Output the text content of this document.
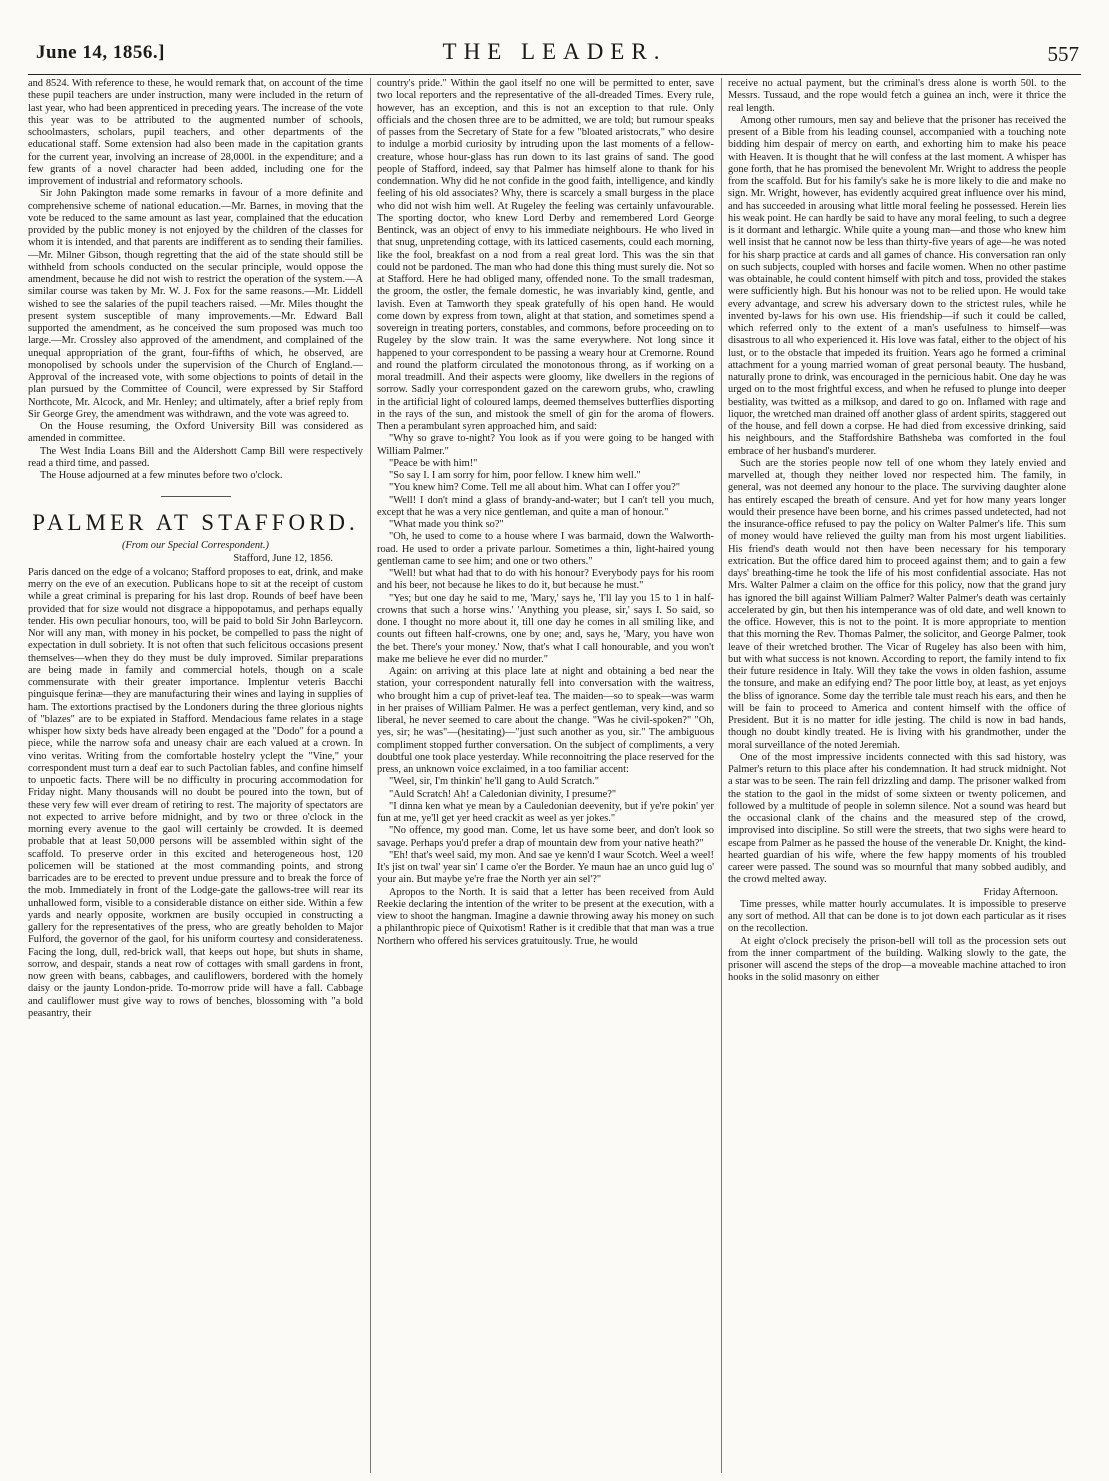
June 14, 1856.]	THE LEADER.	557

and 8524. With reference to these, he would remark that, on account of the time these pupil teachers are under instruction, many were included in the return of last year, who had been apprenticed in preceding years. The increase of the vote this year was to be attributed to the augmented number of schools, schoolmasters, scholars, pupil teachers, and other departments of the educational staff. Some extension had also been made in the capitation grants for the current year, involving an increase of 28,000l. in the expenditure; and a few grants of a novel character had been added, including one for the improvement of industrial and reformatory schools.

Sir John Pakington made some remarks in favour of a more definite and comprehensive scheme of national education.—Mr. Barnes, in moving that the vote be reduced to the same amount as last year, complained that the education provided by the public money is not enjoyed by the children of the classes for whom it is intended, and that parents are indifferent as to sending their families.—Mr. Milner Gibson, though regretting that the aid of the state should still be withheld from schools conducted on the secular principle, would oppose the amendment, because he did not wish to restrict the operation of the system.—A similar course was taken by Mr. W. J. Fox for the same reasons.—Mr. Liddell wished to see the salaries of the pupil teachers raised. —Mr. Miles thought the present system susceptible of many improvements.—Mr. Edward Ball supported the amendment, as he conceived the sum proposed was much too large.—Mr. Crossley also approved of the amendment, and complained of the unequal appropriation of the grant, four-fifths of which, he observed, are monopolised by schools under the supervision of the Church of England.—Approval of the increased vote, with some objections to points of detail in the plan pursued by the Committee of Council, were expressed by Sir Stafford Northcote, Mr. Alcock, and Mr. Henley; and ultimately, after a brief reply from Sir George Grey, the amendment was withdrawn, and the vote was agreed to.

On the House resuming, the Oxford University Bill was considered as amended in committee.

The West India Loans Bill and the Aldershott Camp Bill were respectively read a third time, and passed.

The House adjourned at a few minutes before two o'clock.

PALMER AT STAFFORD.
(From our Special Correspondent.)
Stafford, June 12, 1856.

Paris danced on the edge of a volcano; Stafford proposes to eat, drink, and make merry on the eve of an execution. Publicans hope to sit at the receipt of custom while a great criminal is preparing for his last drop. Rounds of beef have been provided that for size would not disgrace a hippopotamus, and perhaps equally tender. His own peculiar honours, too, will be paid to bold Sir John Barleycorn. Nor will any man, with money in his pocket, be compelled to pass the night of expectation in dull sobriety. It is not often that such felicitous occasions present themselves—when they do they must be duly improved. Similar preparations are being made in family and commercial hotels, though on a scale commensurate with their greater importance. Implentur veteris Bacchi pinguisque ferinæ—they are manufacturing their wines and laying in supplies of ham. The extortions practised by the Londoners during the three glorious nights of "blazes" are to be expiated in Stafford. Mendacious fame relates in a stage whisper how sixty beds have already been engaged at the "Dodo" for a pound a piece, while the narrow sofa and uneasy chair are each valued at a crown. In vino veritas. Writing from the comfortable hostelry yclept the "Vine," your correspondent must turn a deaf ear to such Pactolian fables, and confine himself to unpoetic facts. There will be no difficulty in procuring accommodation for Friday night. Many thousands will no doubt be poured into the town, but of these very few will ever dream of retiring to rest. The majority of spectators are not expected to arrive before midnight, and by two or three o'clock in the morning every avenue to the gaol will certainly be crowded. It is deemed probable that at least 50,000 persons will be assembled within sight of the scaffold. To preserve order in this excited and heterogeneous host, 120 policemen will be stationed at the most commanding points, and strong barricades are to be erected to prevent undue pressure and to break the force of the mob. Immediately in front of the Lodge-gate the gallows-tree will rear its unhallowed form, visible to a considerable distance on either side. Within a few yards and nearly opposite, workmen are busily occupied in constructing a gallery for the representatives of the press, who are greatly beholden to Major Fulford, the governor of the gaol, for his uniform courtesy and considerateness. Facing the long, dull, red-brick wall, that keeps out hope, but shuts in shame, sorrow, and despair, stands a neat row of cottages with small gardens in front, now green with beans, cabbages, and cauliflowers, bordered with the homely daisy or the jaunty London-pride. To-morrow pride will have a fall. Cabbage and cauliflower must give way to rows of benches, blossoming with "a bold peasantry, their

country's pride." Within the gaol itself no one will be permitted to enter, save two local reporters and the representative of the all-dreaded Times. Every rule, however, has an exception, and this is not an exception to that rule. Only officials and the chosen three are to be admitted, we are told; but rumour speaks of passes from the Secretary of State for a few "bloated aristocrats," who desire to indulge a morbid curiosity by intruding upon the last moments of a fellow-creature, whose hour-glass has run down to its last grains of sand. The good people of Stafford, indeed, say that Palmer has himself alone to thank for his condemnation. Why did he not confide in the good faith, intelligence, and kindly feeling of his old associates? Why, there is scarcely a small burgess in the place who did not wish him well. At Rugeley the feeling was certainly unfavourable. The sporting doctor, who knew Lord Derby and remembered Lord George Bentinck, was an object of envy to his immediate neighbours. He who lived in that snug, unpretending cottage, with its latticed casements, could each morning, like the fool, breakfast on a nod from a real great lord. This was the sin that could not be pardoned. The man who had done this thing must surely die. Not so at Stafford. Here he had obliged many, offended none. To the small tradesman, the groom, the ostler, the female domestic, he was invariably kind, gentle, and lavish. Even at Tamworth they speak gratefully of his open hand. He would come down by express from town, alight at that station, and sometimes spend a sovereign in treating porters, constables, and commons, before proceeding on to Rugeley by the slow train. It was the same everywhere. Not long since it happened to your correspondent to be passing a weary hour at Cremorne. Round and round the platform circulated the monotonous throng, as if working on a moral treadmill. And their aspects were gloomy, like dwellers in the regions of sorrow. Sadly your correspondent gazed on the careworn grubs, who, crawling in the artificial light of coloured lamps, deemed themselves butterflies disporting in the rays of the sun, and mistook the smell of gin for the aroma of flowers. Then a perambulant syren approached him, and said:

"Why so grave to-night? You look as if you were going to be hanged with William Palmer."

"Peace be with him!"

"So say I. I am sorry for him, poor fellow. I knew him well."

"You knew him? Come. Tell me all about him. What can I offer you?"

"Well! I don't mind a glass of brandy-and-water; but I can't tell you much, except that he was a very nice gentleman, and quite a man of honour."

"What made you think so?"

"Oh, he used to come to a house where I was barmaid, down the Walworth-road. He used to order a private parlour. Sometimes a thin, light-haired young gentleman came to see him; and one or two others."

"Well! but what had that to do with his honour? Everybody pays for his room and his beer, not because he likes to do it, but because he must."

"Yes; but one day he said to me, 'Mary,' says he, 'I'll lay you 15 to 1 in half-crowns that such a horse wins.' 'Anything you please, sir,' says I. So said, so done. I thought no more about it, till one day he comes in all smiling like, and counts out fifteen half-crowns, one by one; and, says he, 'Mary, you have won the bet. There's your money.' Now, that's what I call honourable, and you won't make me believe he ever did no murder."

Again: on arriving at this place late at night and obtaining a bed near the station, your correspondent naturally fell into conversation with the waitress, who brought him a cup of privet-leaf tea. The maiden—so to speak—was warm in her praises of William Palmer. He was a perfect gentleman, very kind, and so liberal, he never seemed to care about the change. "Was he civil-spoken?" "Oh, yes, sir; he was"—(hesitating)—"just such another as you, sir." The ambiguous compliment stopped further conversation. On the subject of compliments, a very doubtful one took place yesterday. While reconnoitring the place reserved for the press, an unknown voice exclaimed, in a too familiar accent:

"Weel, sir, I'm thinkin' he'll gang to Auld Scratch."

"Auld Scratch! Ah! a Caledonian divinity, I presume?"

"I dinna ken what ye mean by a Cauledonian deevenity, but if ye're pokin' yer fun at me, ye'll get yer heed crackit as weel as yer jokes."

"No offence, my good man. Come, let us have some beer, and don't look so savage. Perhaps you'd prefer a drap of mountain dew from your native heath?"

"Eh! that's weel said, my mon. And sae ye kenn'd I waur Scotch. Weel a weel! It's jist on twal' year sin' I came o'er the Border. Ye maun hae an unco guid lug o' your ain. But maybe ye're frae the North yer ain sel'?"

Apropos to the North. It is said that a letter has been received from Auld Reekie declaring the intention of the writer to be present at the execution, with a view to shoot the hangman. Imagine a dawnie throwing away his money on such a philanthropic piece of Quixotism! Rather is it credible that that man was a true Northern who offered his services gratuitously. True, he would

receive no actual payment, but the criminal's dress alone is worth 50l. to the Messrs. Tussaud, and the rope would fetch a guinea an inch, were it thrice the real length.

Among other rumours, men say and believe that the prisoner has received the present of a Bible from his leading counsel, accompanied with a touching note bidding him despair of mercy on earth, and exhorting him to make his peace with Heaven. It is thought that he will confess at the last moment. A whisper has gone forth, that he has promised the benevolent Mr. Wright to address the people from the scaffold. But for his family's sake he is more likely to die and make no sign. Mr. Wright, however, has evidently acquired great influence over his mind, and has succeeded in arousing what little moral feeling he possessed. Herein lies his weak point. He can hardly be said to have any moral feeling, to such a degree is it dormant and lethargic. While quite a young man—and those who knew him well insist that he cannot now be less than thirty-five years of age—he was noted for his sharp practice at cards and all games of chance. His conversation ran only on such subjects, coupled with horses and facile women. When no other pastime was obtainable, he could content himself with pitch and toss, provided the stakes were sufficiently high. But his honour was not to be relied upon. He would take every advantage, and screw his adversary down to the strictest rules, while he invented by-laws for his own use. His friendship—if such it could be called, which referred only to the extent of a man's usefulness to himself—was disastrous to all who experienced it. His love was fatal, either to the object of his lust, or to the obstacle that impeded its fruition. Years ago he formed a criminal attachment for a young married woman of great personal beauty. The husband, naturally prone to drink, was encouraged in the pernicious habit. One day he was urged on to the most frightful excess, and when he refused to plunge into deeper bestiality, was twitted as a milksop, and dared to go on. Inflamed with rage and liquor, the wretched man drained off another glass of ardent spirits, staggered out of the house, and fell down a corpse. He had died from excessive drinking, said his neighbours, and the Staffordshire Bathsheba was comforted in the foul embrace of her husband's murderer.

Such are the stories people now tell of one whom they lately envied and marvelled at, though they neither loved nor respected him. The family, in general, was not deemed any honour to the place. The surviving daughter alone has entirely escaped the breath of censure. And yet for how many years longer would their presence have been borne, and his crimes passed undetected, had not the insurance-office refused to pay the policy on Walter Palmer's life. This sum of money would have relieved the guilty man from his most urgent liabilities. His friend's death would not then have been necessary for his temporary extrication. But the office dared him to proceed against them; and to gain a few days' breathing-time he took the life of his most confidential associate. Has not Mrs. Walter Palmer a claim on the office for this policy, now that the grand jury has ignored the bill against William Palmer? Walter Palmer's death was certainly accelerated by gin, but then his intemperance was of old date, and well known to the office. However, this is not to the point. It is more appropriate to mention that this morning the Rev. Thomas Palmer, the solicitor, and George Palmer, took leave of their wretched brother. The Vicar of Rugeley has also been with him, but with what success is not known. According to report, the family intend to fix their future residence in Italy. Will they take the vows in olden fashion, assume the tonsure, and make an edifying end? The poor little boy, at least, as yet enjoys the bliss of ignorance. Some day the terrible tale must reach his ears, and then he will be fain to proceed to America and content himself with the office of President. But it is no matter for idle jesting. The child is now in bad hands, though no doubt kindly treated. He is living with his grandmother, under the moral surveillance of the noted Jeremiah.

One of the most impressive incidents connected with this sad history, was Palmer's return to this place after his condemnation. It had struck midnight. Not a star was to be seen. The rain fell drizzling and damp. The prisoner walked from the station to the gaol in the midst of some sixteen or twenty policemen, and followed by a multitude of people in solemn silence. Not a sound was heard but the occasional clank of the chains and the measured step of the crowd, improvised into discipline. So still were the streets, that two sighs were heard to escape from Palmer as he passed the house of the venerable Dr. Knight, the kind-hearted guardian of his wife, where the few happy moments of his troubled career were passed. The sound was so mournful that many sobbed audibly, and the crowd melted away.

Friday Afternoon.

Time presses, while matter hourly accumulates. It is impossible to preserve any sort of method. All that can be done is to jot down each particular as it rises on the recollection.

At eight o'clock precisely the prison-bell will toll as the procession sets out from the inner compartment of the building. Walking slowly to the gate, the prisoner will ascend the steps of the drop—a moveable machine attached to iron hooks in the solid masonry on either
